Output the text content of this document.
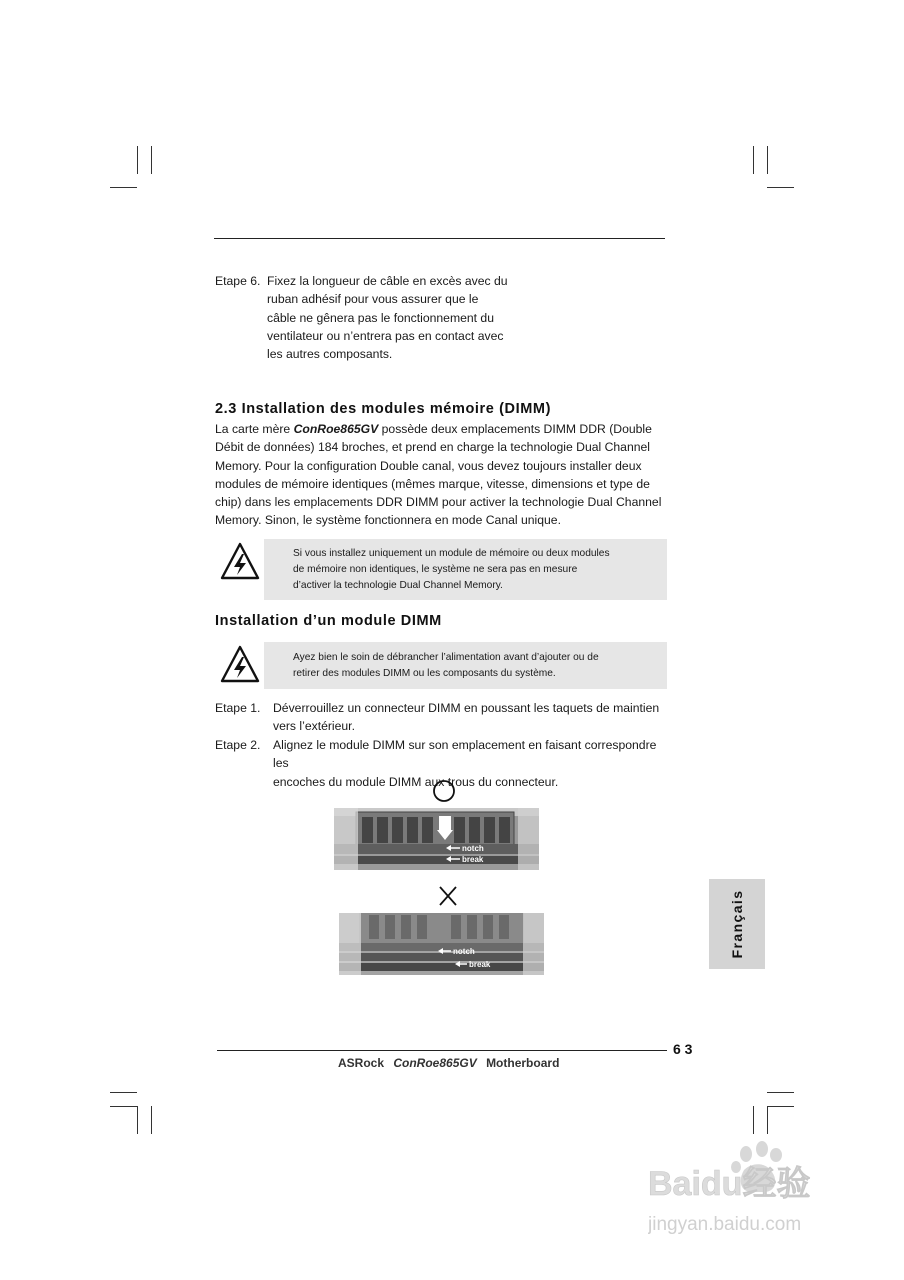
Etape 6. Fixez la longueur de câble en excès avec du

ruban adhésif pour vous assurer que le

câble ne gênera pas le fonctionnement du

ventilateur ou n’entrera pas en contact avec

les autres composants.

2.3 Installation des modules mémoire (DIMM)

La carte mère ConRoe865GV possède deux emplacements DIMM DDR (Double

Débit de données) 184 broches, et prend en charge la technologie Dual Channel

Memory. Pour la configuration Double canal, vous devez toujours installer deux

modules de mémoire identiques (mêmes marque, vitesse, dimensions et type de

chip) dans les emplacements DDR DIMM pour activer la technologie Dual Channel

Memory. Sinon, le système fonctionnera en mode Canal unique.

Si vous installez uniquement un module de mémoire ou deux modules
de mémoire non identiques, le système ne sera pas en mesure
d’activer la technologie Dual Channel Memory.
Installation d’un module DIMM
Ayez bien le soin de débrancher l’alimentation avant d’ajouter ou de
retirer des modules DIMM ou les composants du système.
Etape 1. Déverrouillez un connecteur DIMM en poussant les taquets de maintien

vers l’extérieur.

Etape 2. Alignez le module DIMM sur son emplacement en faisant correspondre les

encoches du module DIMM aux trous du connecteur.

notch
break
notch
break
Français
6 3
ASRock ConRoe865GV Motherboard
Baidu经验
jingyan.baidu.com
